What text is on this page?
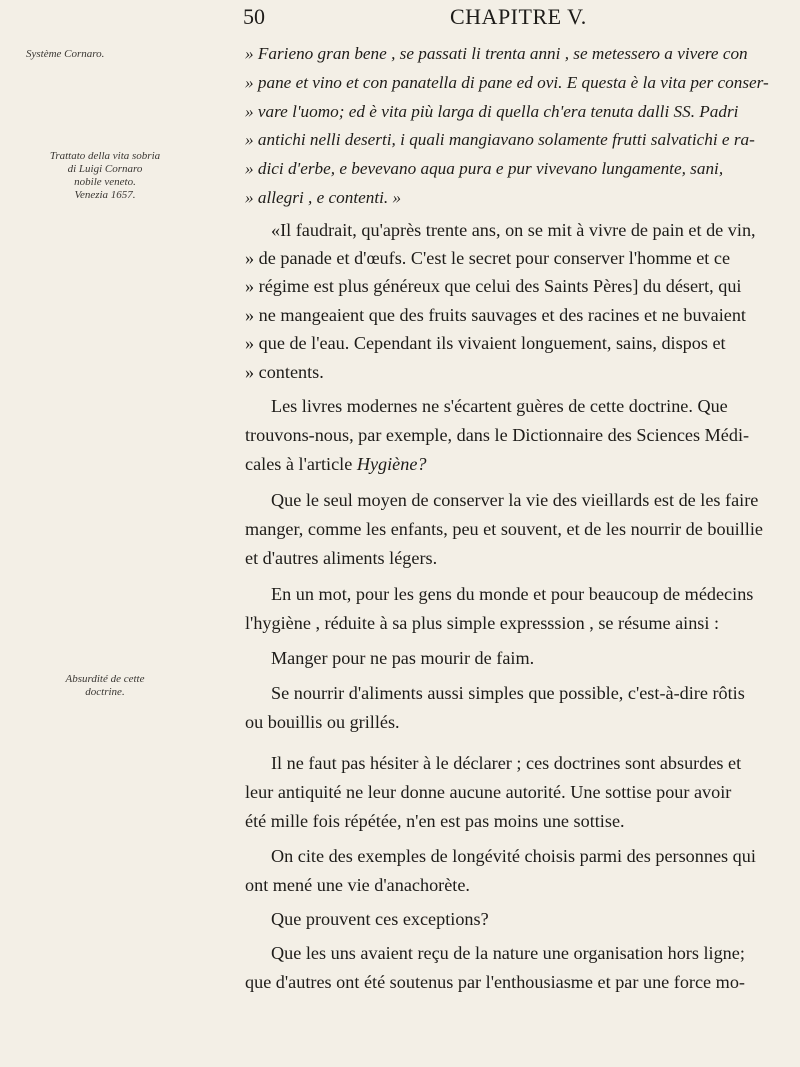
50	CHAPITRE V.
Système Cornaro.
Trattato della vita sobria
di Luigi Cornaro
nobile veneto.
Venezia 1657.
Absurdité de cette
doctrine.
» Farieno gran bene , se passati li trenta anni , se metessero a vivere con
» pane et vino et con panatella di pane ed ovi. E questa è la vita per conser-
» vare l'uomo; ed è vita più larga di quella ch'era tenuta dalli SS. Padri
» antichi nelli deserti, i quali mangiavano solamente frutti salvatichi e ra-
» dici d'erbe, e bevevano aqua pura e pur vivevano lungamente, sani,
» allegri , e contenti. »
«Il faudrait, qu'après trente ans, on se mit à vivre de pain et de vin,
» de panade et d'œufs. C'est le secret pour conserver l'homme et ce
» régime est plus généreux que celui des Saints Pères] du désert, qui
» ne mangeaient que des fruits sauvages et des racines et ne buvaient
» que de l'eau. Cependant ils vivaient longuement, sains, dispos et
» contents.
Les livres modernes ne s'écartent guères de cette doctrine. Que
trouvons-nous, par exemple, dans le Dictionnaire des Sciences Médi-
cales à l'article Hygiène?
Que le seul moyen de conserver la vie des vieillards est de les faire
manger, comme les enfants, peu et souvent, et de les nourrir de bouillie
et d'autres aliments légers.
En un mot, pour les gens du monde et pour beaucoup de médecins
l'hygiène , réduite à sa plus simple expresssion , se résume ainsi :
Manger pour ne pas mourir de faim.
Se nourrir d'aliments aussi simples que possible, c'est-à-dire rôtis
ou bouillis ou grillés.
Il ne faut pas hésiter à le déclarer ; ces doctrines sont absurdes et
leur antiquité ne leur donne aucune autorité. Une sottise pour avoir
été mille fois répétée, n'en est pas moins une sottise.
On cite des exemples de longévité choisis parmi des personnes qui
ont mené une vie d'anachorète.
Que prouvent ces exceptions?
Que les uns avaient reçu de la nature une organisation hors ligne;
que d'autres ont été soutenus par l'enthousiasme et par une force mo-
